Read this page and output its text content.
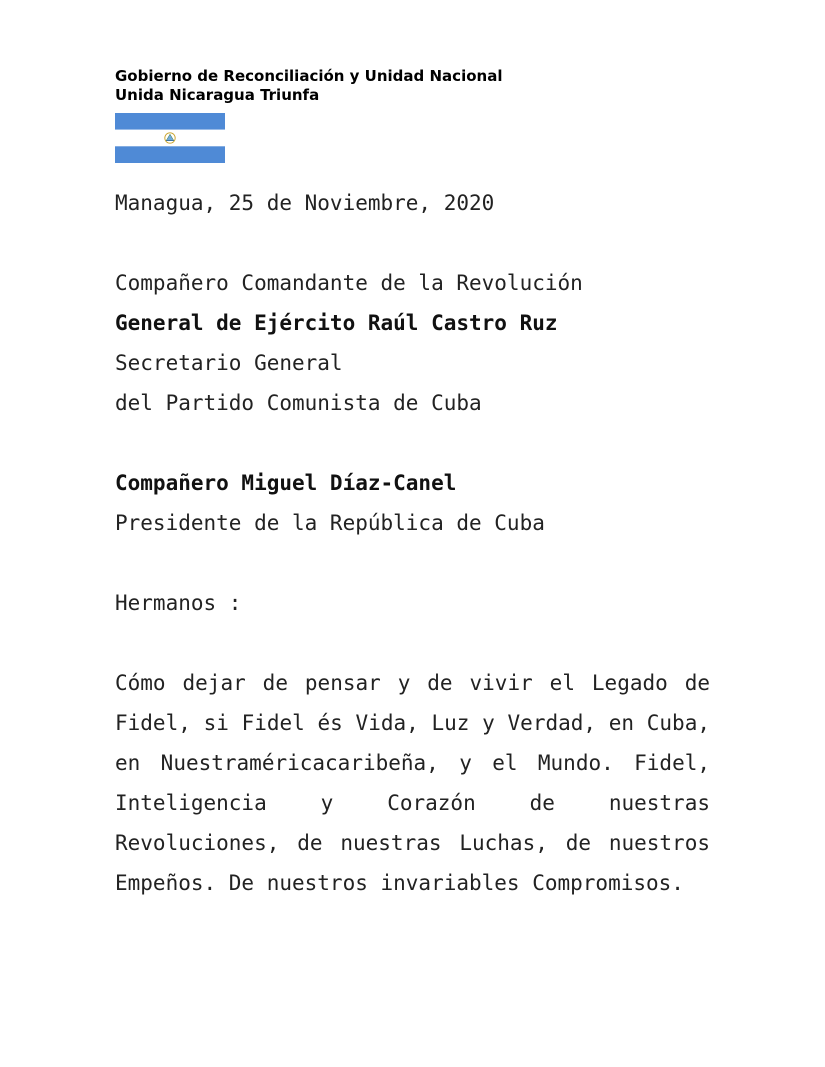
Gobierno de Reconciliación y Unidad Nacional
Unida Nicaragua Triunfa

Managua, 25 de Noviembre, 2020

Compañero Comandante de la Revolución

General de Ejército Raúl Castro Ruz

Secretario General

del Partido Comunista de Cuba

Compañero Miguel Díaz-Canel

Presidente de la República de Cuba

Hermanos :

Cómo dejar de pensar y de vivir el Legado de Fidel, si Fidel és Vida, Luz y Verdad, en Cuba, en Nuestraméricacaribeña, y el Mundo. Fidel, Inteligencia y Corazón de nuestras Revoluciones, de nuestras Luchas, de nuestros Empeños. De nuestros invariables Compromisos.
